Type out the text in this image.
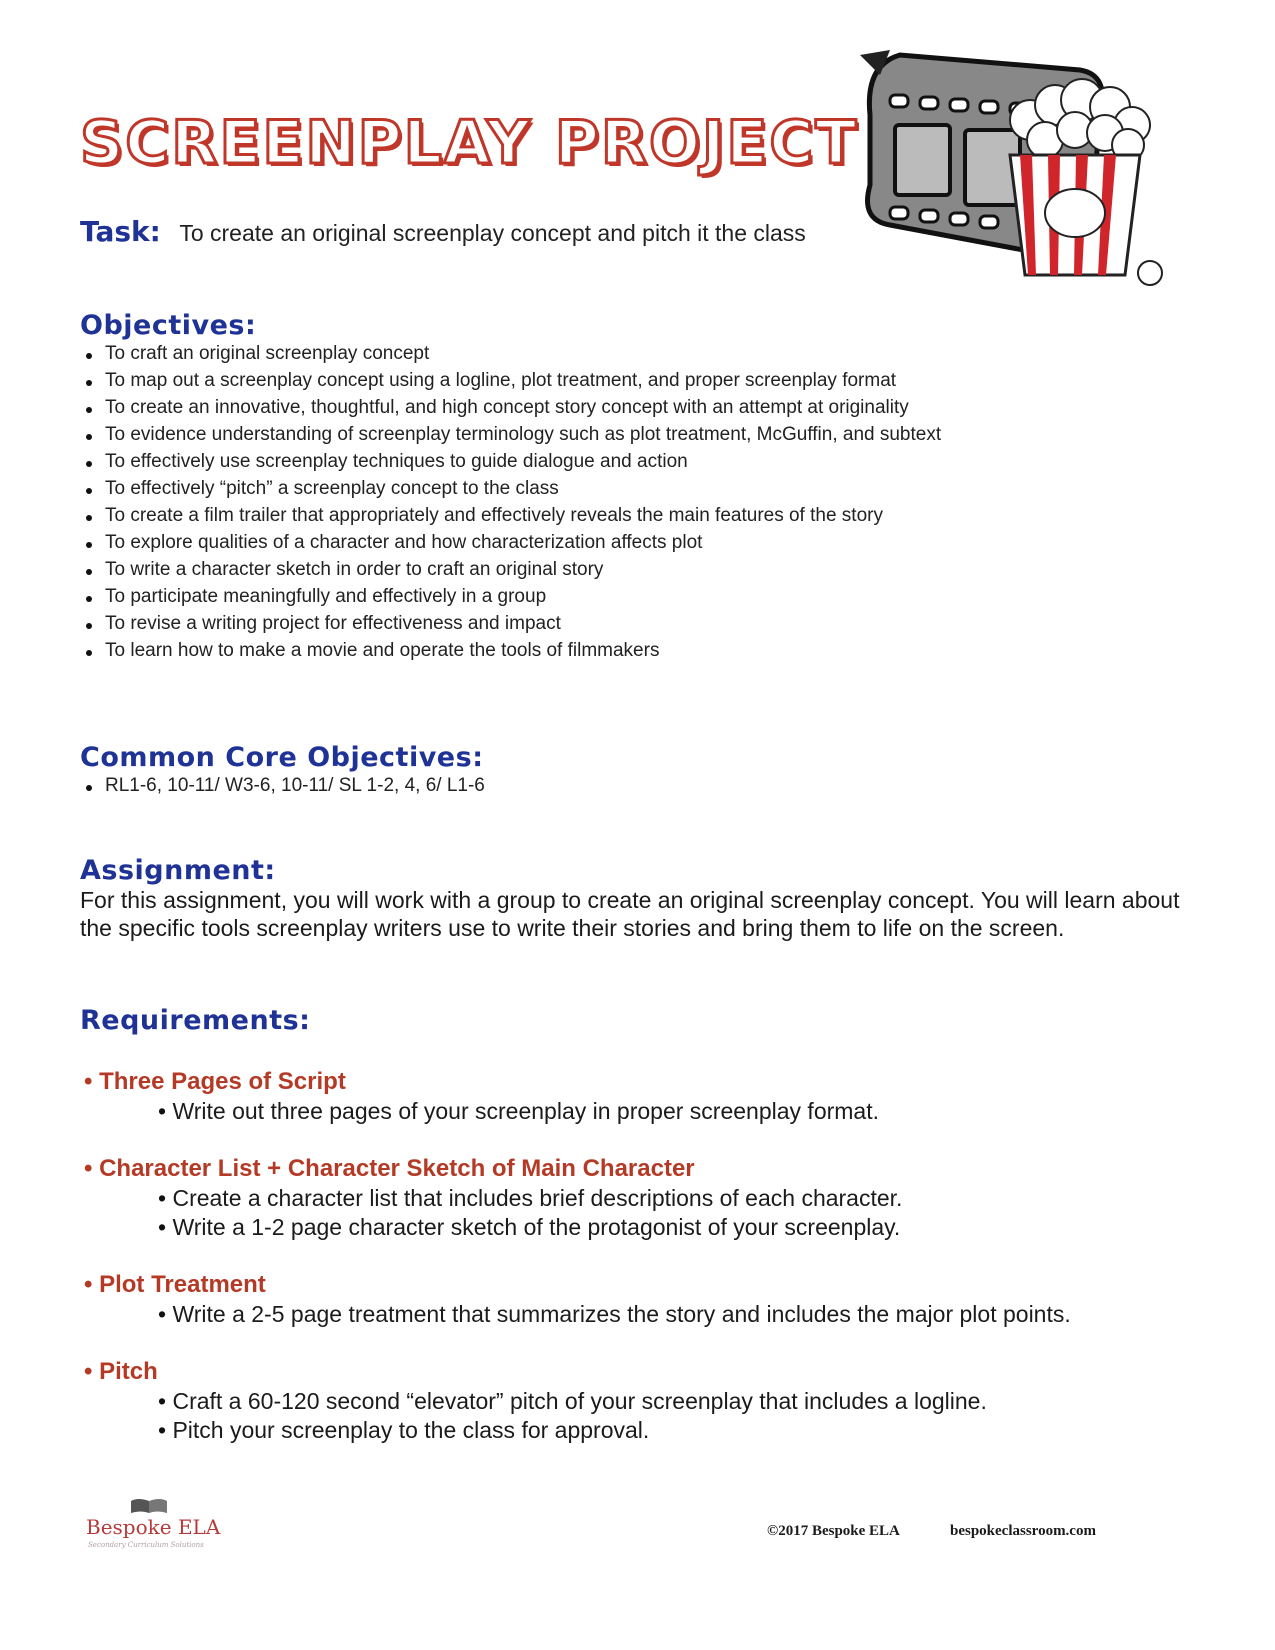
SCREENPLAY PROJECT
Task: To create an original screenplay concept and pitch it the class
Objectives:
To craft an original screenplay concept
To map out a screenplay concept using a logline, plot treatment, and proper screenplay format
To create an innovative, thoughtful, and high concept story concept with an attempt at originality
To evidence understanding of screenplay terminology such as plot treatment, McGuffin, and subtext
To effectively use screenplay techniques to guide dialogue and action
To effectively “pitch” a screenplay concept to the class
To create a film trailer that appropriately and effectively reveals the main features of the story
To explore qualities of a character and how characterization affects plot
To write a character sketch in order to craft an original story
To participate meaningfully and effectively in a group
To revise a writing project for effectiveness and impact
To learn how to make a movie and operate the tools of filmmakers
Common Core Objectives:
RL1-6, 10-11/ W3-6, 10-11/ SL 1-2, 4, 6/ L1-6
Assignment:
For this assignment, you will work with a group to create an original screenplay concept. You will learn about the specific tools screenplay writers use to write their stories and bring them to life on the screen.
Requirements:
• Three Pages of Script
• Write out three pages of your screenplay in proper screenplay format.
• Character List + Character Sketch of Main Character
• Create a character list that includes brief descriptions of each character.
• Write a 1-2 page character sketch of the protagonist of your screenplay.
• Plot Treatment
• Write a 2-5 page treatment that summarizes the story and includes the major plot points.
• Pitch
• Craft a 60-120 second “elevator” pitch of your screenplay that includes a logline.
• Pitch your screenplay to the class for approval.
Bespoke ELA
Secondary Curriculum Solutions
©2017 Bespoke ELA	bespokeclassroom.com
